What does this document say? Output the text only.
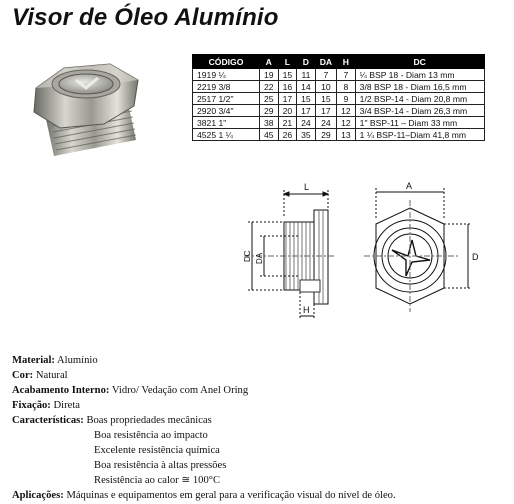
Visor de Óleo Alumínio
CÓDIGO	A	L	D	DA	H	DC
1919 ¼	19	15	11	7	7	¼ BSP 18 - Diam 13 mm
2219 3/8	22	16	14	10	8	3/8 BSP 18 - Diam 16,5 mm
2517 1/2"	25	17	15	15	9	1/2 BSP-14 - Diam 20,8 mm
2920 3/4"	29	20	17	17	12	3/4 BSP-14 - Diam 26,3 mm
3821 1"	38	21	24	24	12	1" BSP-11 – Diam 33 mm
4525 1 ¼	45	26	35	29	13	1 ¼ BSP-11–Diam 41,8 mm
L	A
DC DA	D
H
Material: Alumínio
Cor: Natural
Acabamento Interno: Vidro/ Vedação com Anel Oring
Fixação: Direta
Características: Boas propriedades mecânicas
Boa resistência ao impacto
Excelente resistência química
Boa resistência à altas pressões
Resistência ao calor ≅ 100°C
Aplicações: Máquinas e equipamentos em geral para a verificação visual do nível de óleo.
